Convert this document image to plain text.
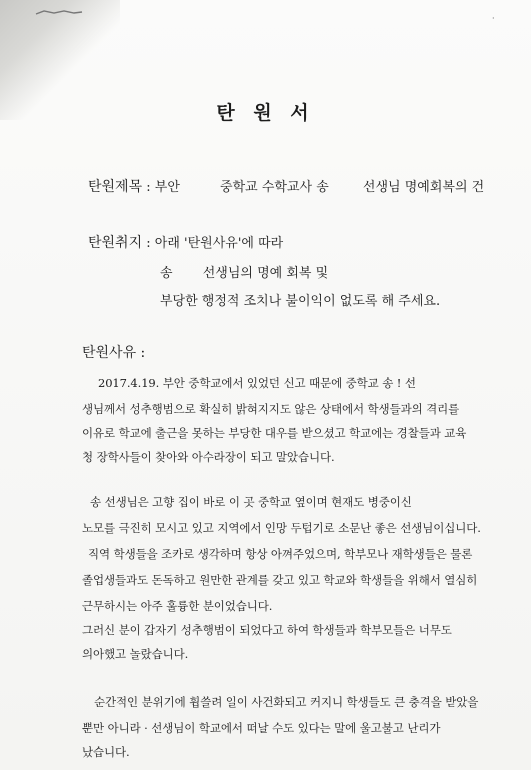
·
탄 원 서
탄원제목 : 부안	중학교 수학교사 송	선생님 명예회복의 건
탄원취지 : 아래 '탄원사유'에 따라
송 선생님의 명예 회복 및
부당한 행정적 조치나 불이익이 없도록 해 주세요.
탄원사유 :
2017.4.19. 부안 중학교에서 있었던 신고 때문에 중학교 송 ! 선
생님께서 성추행범으로 확실히 밝혀지지도 않은 상태에서 학생들과의 격리를
이유로 학교에 출근을 못하는 부당한 대우를 받으셨고 학교에는 경찰들과 교육
청 장학사들이 찾아와 아수라장이 되고 말았습니다.
송 선생님은 고향 집이 바로 이 곳 중학교 옆이며 현재도 병중이신
노모를 극진히 모시고 있고 지역에서 인망 두텁기로 소문난 좋은 선생님이십니다.
직역 학생들을 조카로 생각하며 항상 아껴주었으며, 학부모나 재학생들은 물론
졸업생들과도 돈독하고 원만한 관계를 갖고 있고 학교와 학생들을 위해서 열심히
근무하시는 아주 훌륭한 분이었습니다.
그러신 분이 갑자기 성추행범이 되었다고 하여 학생들과 학부모들은 너무도
의아했고 놀랐습니다.
순간적인 분위기에 휩쓸려 일이 사건화되고 커지니 학생들도 큰 충격을 받았을
뿐만 아니라 · 선생님이 학교에서 떠날 수도 있다는 말에 울고불고 난리가
났습니다.
